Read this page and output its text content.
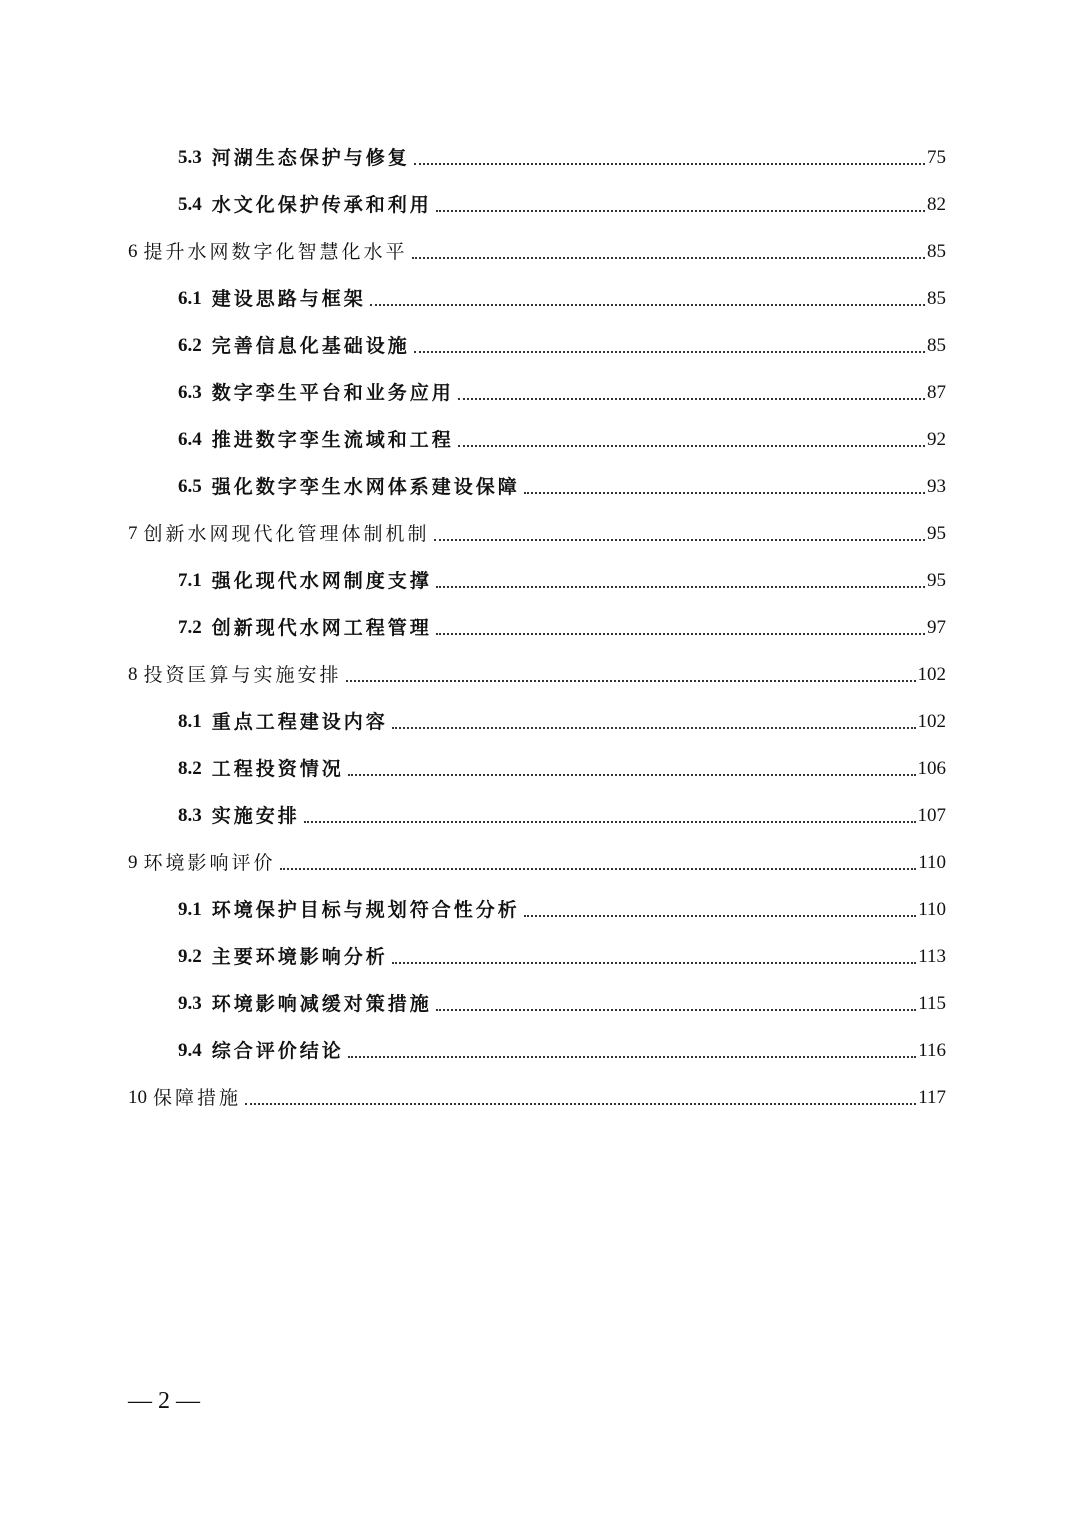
5.3 河湖生态保护与修复	75
5.4 水文化保护传承和利用	82
6 提升水网数字化智慧化水平	85
6.1 建设思路与框架	85
6.2 完善信息化基础设施	85
6.3 数字孪生平台和业务应用	87
6.4 推进数字孪生流域和工程	92
6.5 强化数字孪生水网体系建设保障	93
7 创新水网现代化管理体制机制	95
7.1 强化现代水网制度支撑	95
7.2 创新现代水网工程管理	97
8 投资匡算与实施安排	102
8.1 重点工程建设内容	102
8.2 工程投资情况	106
8.3 实施安排	107
9 环境影响评价	110
9.1 环境保护目标与规划符合性分析	110
9.2 主要环境影响分析	113
9.3 环境影响减缓对策措施	115
9.4 综合评价结论	116
10 保障措施	117
— 2 —
